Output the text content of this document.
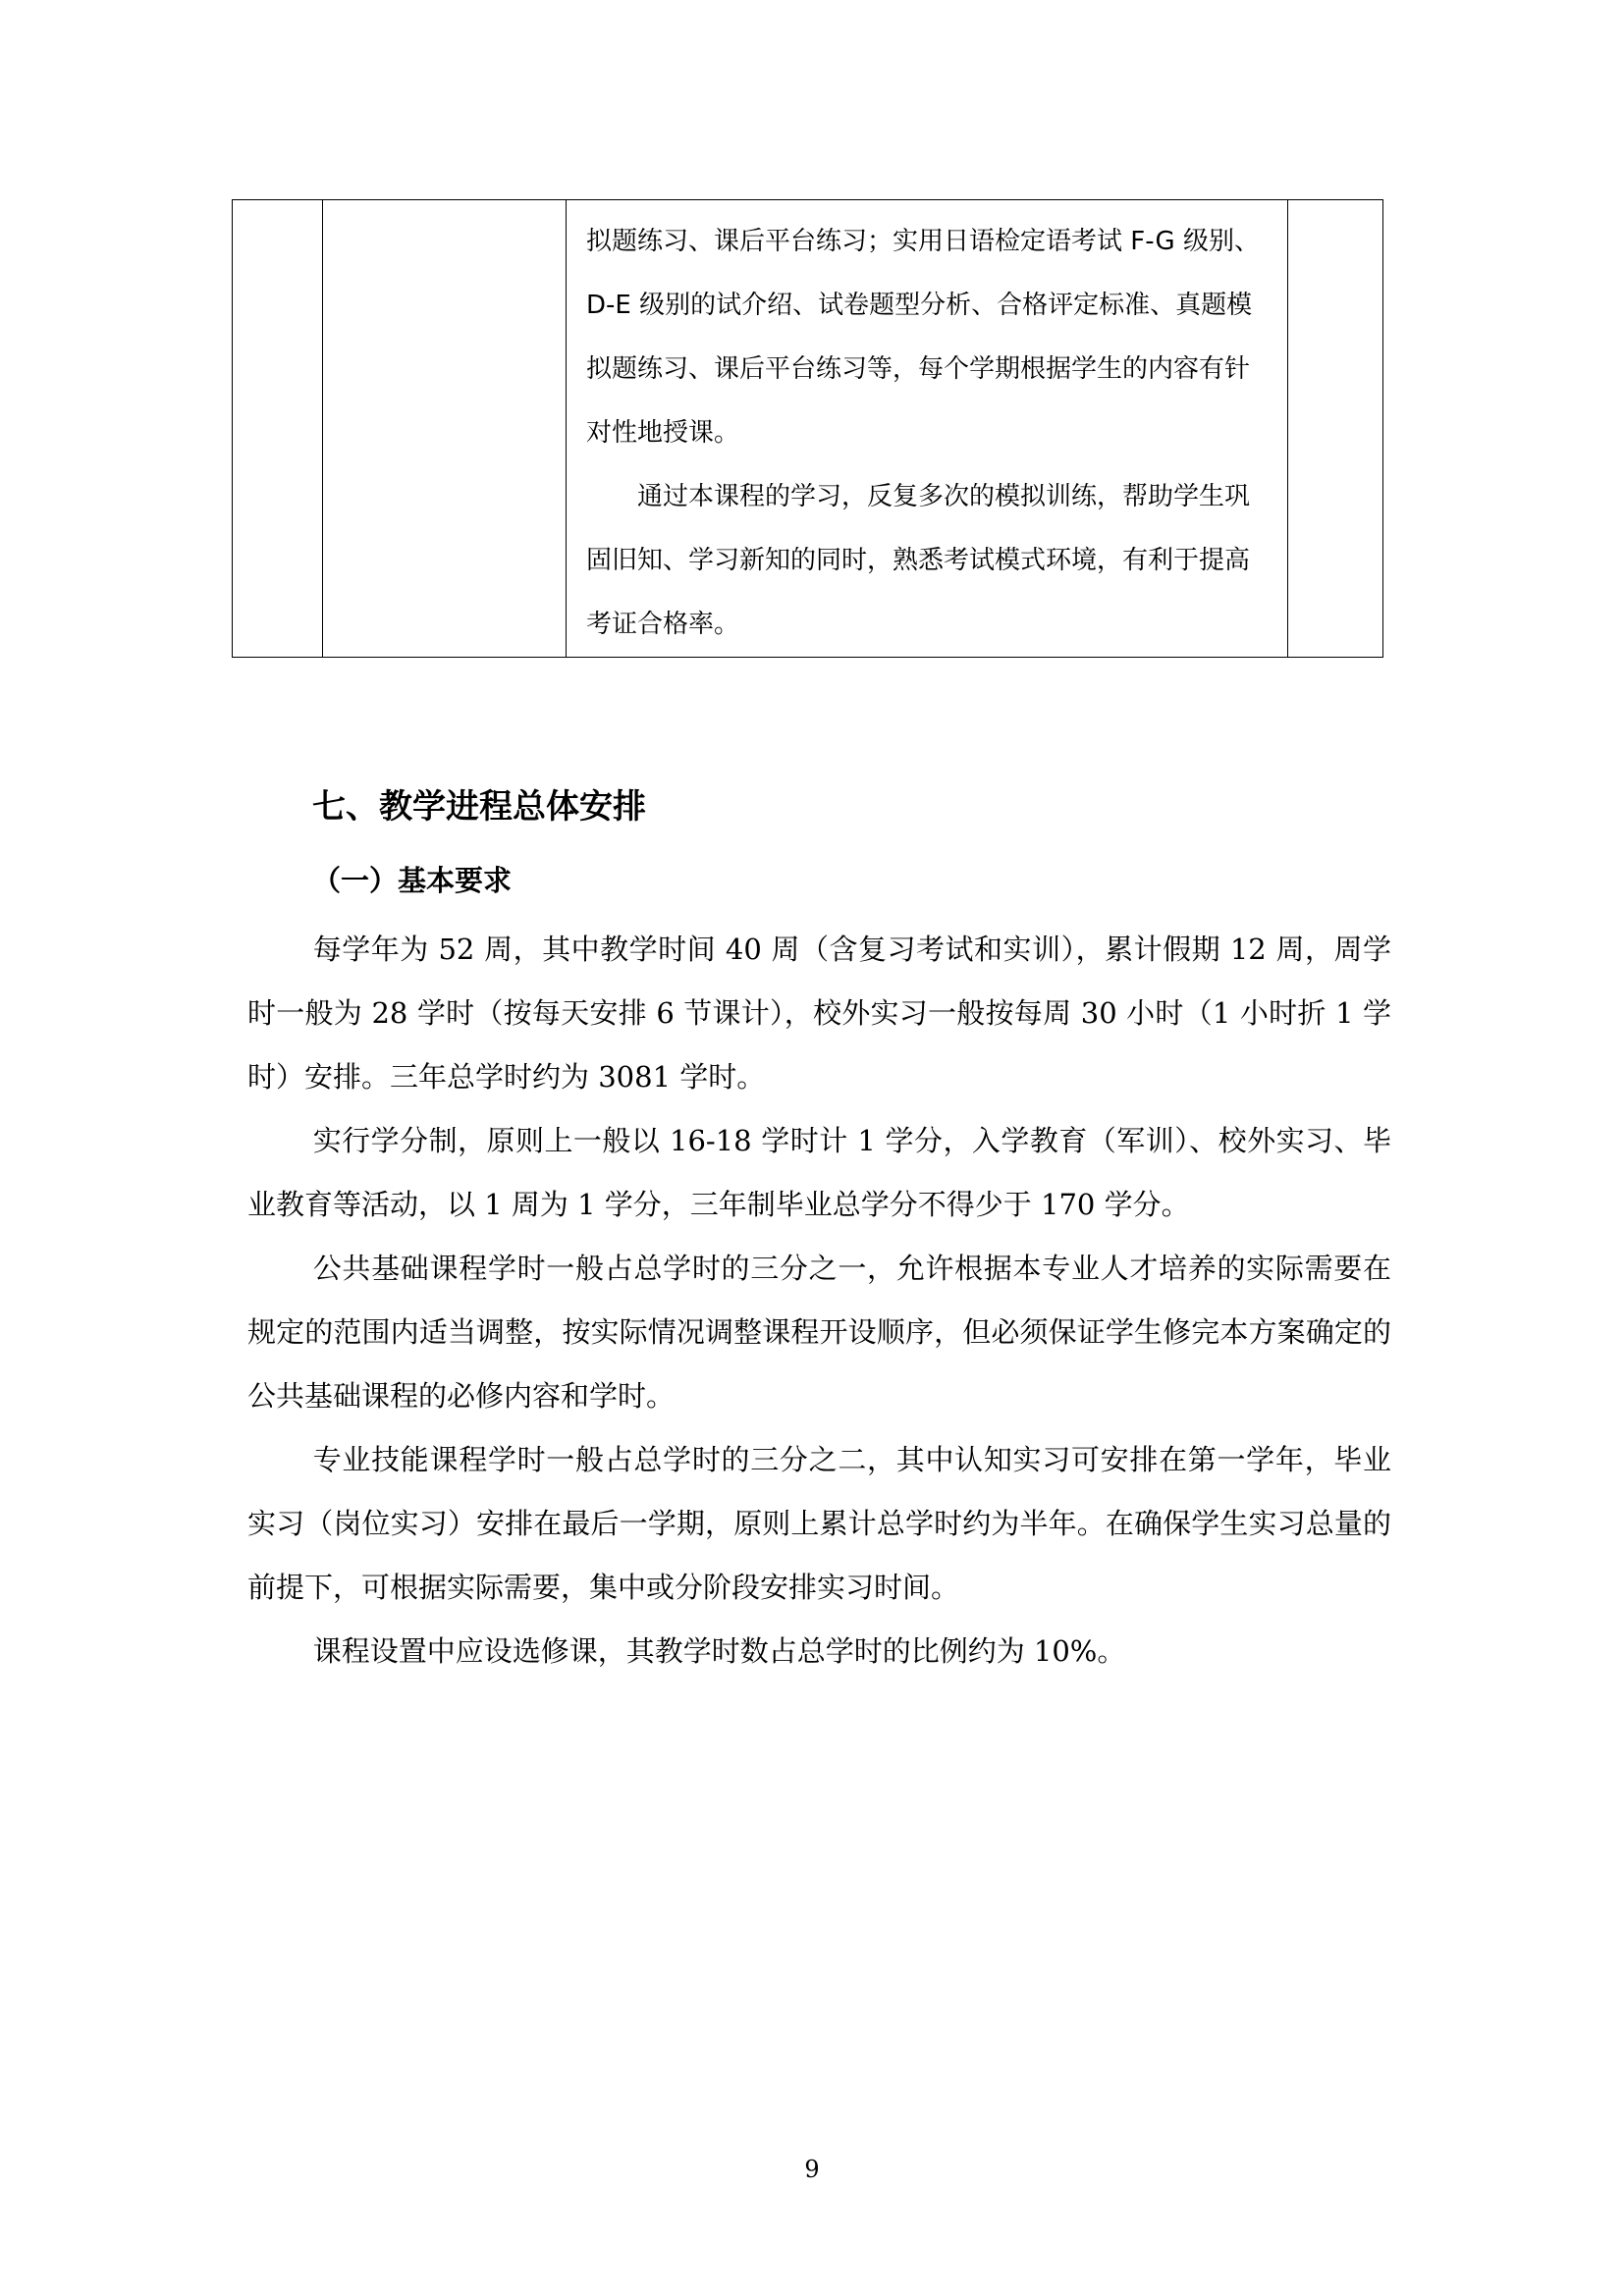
拟题练习、课后平台练习；实用日语检定语考试 F-G 级别、D-E 级别的试介绍、试卷题型分析、合格评定标准、真题模拟题练习、课后平台练习等，每个学期根据学生的内容有针对性地授课。

通过本课程的学习，反复多次的模拟训练，帮助学生巩固旧知、学习新知的同时，熟悉考试模式环境，有利于提高考证合格率。

七、教学进程总体安排
（一）基本要求

每学年为 52 周，其中教学时间 40 周（含复习考试和实训），累计假期 12 周，周学时一般为 28 学时（按每天安排 6 节课计），校外实习一般按每周 30 小时（1 小时折 1 学时）安排。三年总学时约为 3081 学时。

实行学分制，原则上一般以 16-18 学时计 1 学分，入学教育（军训）、校外实习、毕业教育等活动，以 1 周为 1 学分，三年制毕业总学分不得少于 170 学分。

公共基础课程学时一般占总学时的三分之一，允许根据本专业人才培养的实际需要在规定的范围内适当调整，按实际情况调整课程开设顺序，但必须保证学生修完本方案确定的公共基础课程的必修内容和学时。

专业技能课程学时一般占总学时的三分之二，其中认知实习可安排在第一学年，毕业实习（岗位实习）安排在最后一学期，原则上累计总学时约为半年。在确保学生实习总量的前提下，可根据实际需要，集中或分阶段安排实习时间。

课程设置中应设选修课，其教学时数占总学时的比例约为 10%。

9
